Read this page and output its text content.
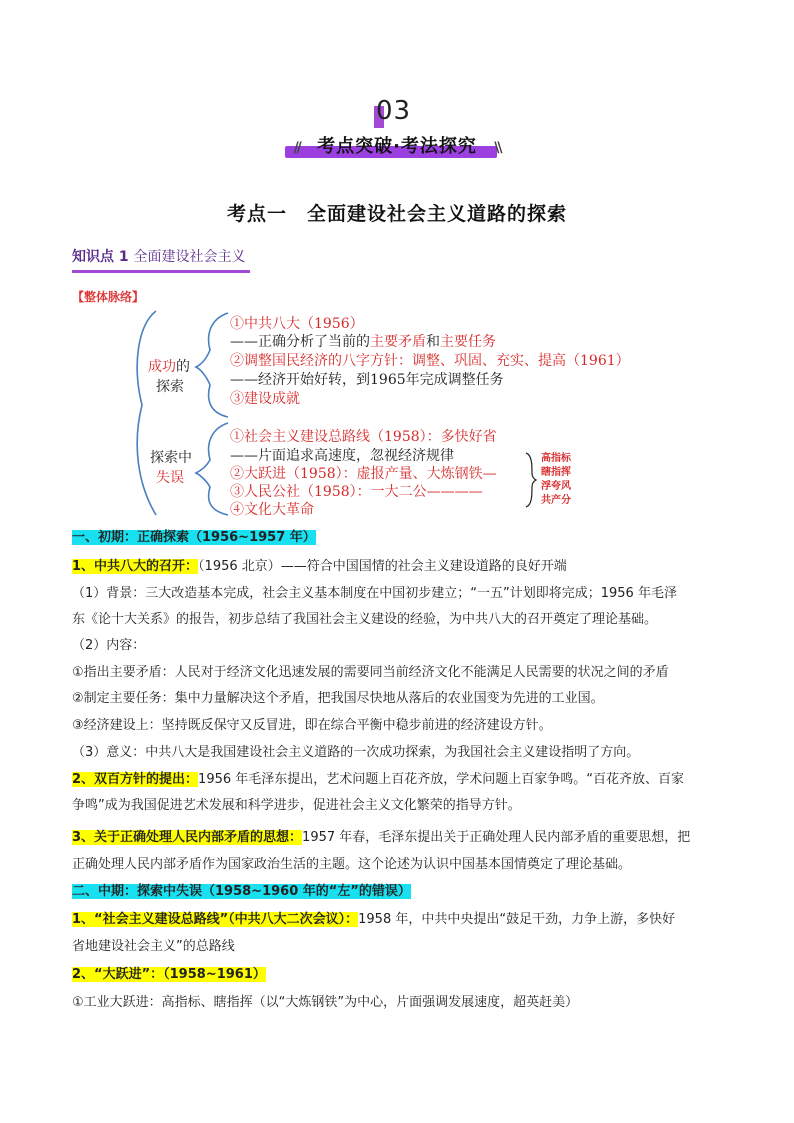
03
// 考点突破·考法探究 \\
考点一　全面建设社会主义道路的探索
知识点 1 全面建设社会主义
【整体脉络】
成功的
探索
探索中
失误
①中共八大（1956）
——正确分析了当前的主要矛盾和主要任务
②调整国民经济的八字方针：调整、巩固、充实、提高（1961）
——经济开始好转，到1965年完成调整任务
③建设成就
①社会主义建设总路线（1958）：多快好省
——片面追求高速度，忽视经济规律
②大跃进（1958）：虚报产量、大炼钢铁—
③人民公社（1958）：一大二公————
④文化大革命
高指标
瞎指挥
浮夸风
共产分
一、初期：正确探索（1956~1957 年）
1、中共八大的召开：（1956 北京）——符合中国国情的社会主义建设道路的良好开端
（1）背景：三大改造基本完成，社会主义基本制度在中国初步建立；“一五”计划即将完成；1956 年毛泽
东《论十大关系》的报告，初步总结了我国社会主义建设的经验，为中共八大的召开奠定了理论基础。
（2）内容：
①指出主要矛盾：人民对于经济文化迅速发展的需要同当前经济文化不能满足人民需要的状况之间的矛盾
②制定主要任务：集中力量解决这个矛盾，把我国尽快地从落后的农业国变为先进的工业国。
③经济建设上：坚持既反保守又反冒进，即在综合平衡中稳步前进的经济建设方针。
（3）意义：中共八大是我国建设社会主义道路的一次成功探索，为我国社会主义建设指明了方向。
2、双百方针的提出：1956 年毛泽东提出，艺术问题上百花齐放，学术问题上百家争鸣。“百花齐放、百家
争鸣”成为我国促进艺术发展和科学进步，促进社会主义文化繁荣的指导方针。
3、关于正确处理人民内部矛盾的思想：1957 年春，毛泽东提出关于正确处理人民内部矛盾的重要思想，把
正确处理人民内部矛盾作为国家政治生活的主题。这个论述为认识中国基本国情奠定了理论基础。
二、中期：探索中失误（1958~1960 年的“左”的错误）
1、“社会主义建设总路线”（中共八大二次会议）：1958 年，中共中央提出“鼓足干劲，力争上游，多快好
省地建设社会主义”的总路线
2、“大跃进”：（1958~1961）
①工业大跃进：高指标、瞎指挥（以“大炼钢铁”为中心，片面强调发展速度，超英赶美）
